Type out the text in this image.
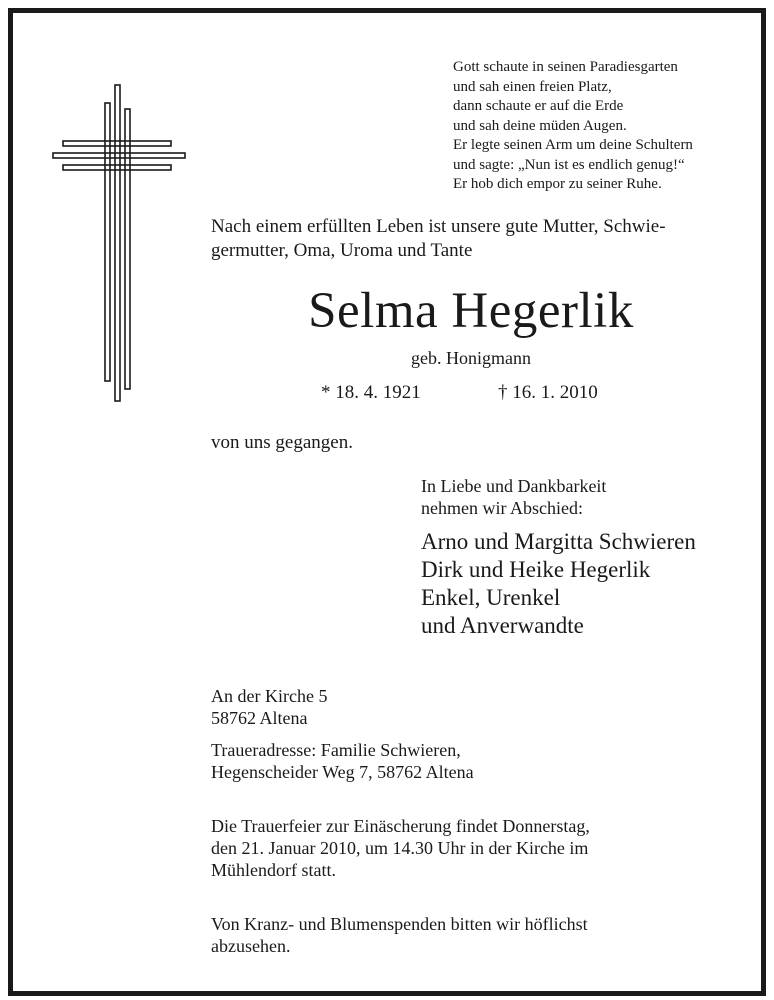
Gott schaute in seinen Paradiesgarten
und sah einen freien Platz,
dann schaute er auf die Erde
und sah deine müden Augen.
Er legte seinen Arm um deine Schultern
und sagte: „Nun ist es endlich genug!“
Er hob dich empor zu seiner Ruhe.
Nach einem erfüllten Leben ist unsere gute Mutter, Schwie-
germutter, Oma, Uroma und Tante
Selma Hegerlik
geb. Honigmann
* 18. 4. 1921	† 16. 1. 2010
von uns gegangen.
In Liebe und Dankbarkeit
nehmen wir Abschied:
Arno und Margitta Schwieren
Dirk und Heike Hegerlik
Enkel, Urenkel
und Anverwandte
An der Kirche 5
58762 Altena
Traueradresse: Familie Schwieren,
Hegenscheider Weg 7, 58762 Altena
Die Trauerfeier zur Einäscherung findet Donnerstag,
den 21. Januar 2010, um 14.30 Uhr in der Kirche im
Mühlendorf statt.
Von Kranz- und Blumenspenden bitten wir höflichst
abzusehen.
